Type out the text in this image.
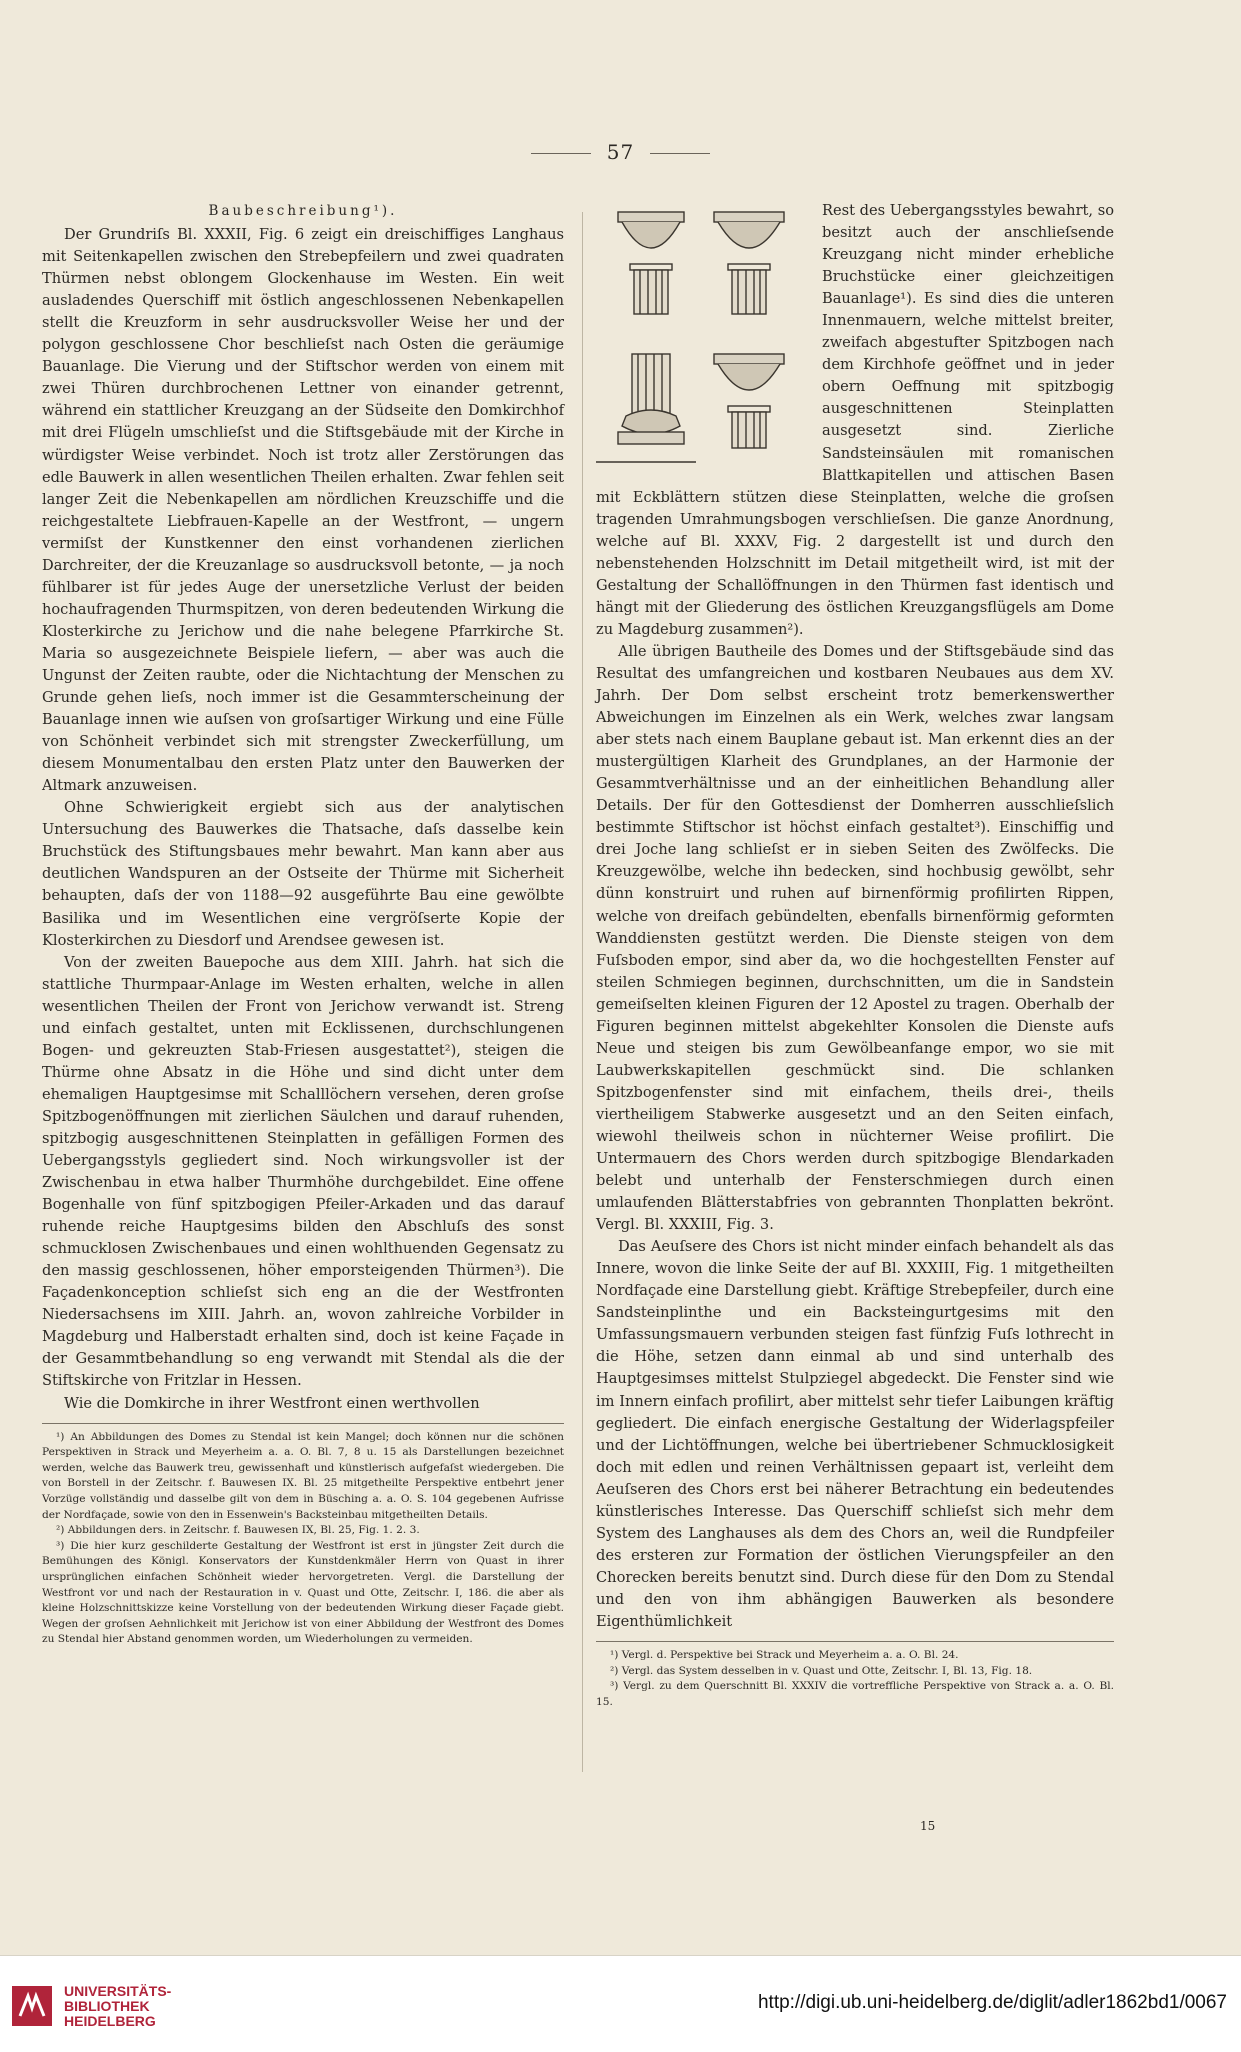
57
Baubeschreibung¹).

Der Grundriſs Bl. XXXII, Fig. 6 zeigt ein dreischiffiges Langhaus mit Seitenkapellen zwischen den Strebepfeilern und zwei quadraten Thürmen nebst oblongem Glockenhause im Westen. Ein weit ausladendes Querschiff mit östlich angeschlossenen Nebenkapellen stellt die Kreuzform in sehr ausdrucksvoller Weise her und der polygon geschlossene Chor beschlieſst nach Osten die geräumige Bauanlage. Die Vierung und der Stiftschor werden von einem mit zwei Thüren durchbrochenen Lettner von einander getrennt, während ein stattlicher Kreuzgang an der Südseite den Domkirchhof mit drei Flügeln umschlieſst und die Stiftsgebäude mit der Kirche in würdigster Weise verbindet. Noch ist trotz aller Zerstörungen das edle Bauwerk in allen wesentlichen Theilen erhalten. Zwar fehlen seit langer Zeit die Nebenkapellen am nördlichen Kreuzschiffe und die reichgestaltete Liebfrauen-Kapelle an der Westfront, — ungern vermiſst der Kunstkenner den einst vorhandenen zierlichen Darchreiter, der die Kreuzanlage so ausdrucksvoll betonte, — ja noch fühlbarer ist für jedes Auge der unersetzliche Verlust der beiden hochaufragenden Thurmspitzen, von deren bedeutenden Wirkung die Klosterkirche zu Jerichow und die nahe belegene Pfarrkirche St. Maria so ausgezeichnete Beispiele liefern, — aber was auch die Ungunst der Zeiten raubte, oder die Nichtachtung der Menschen zu Grunde gehen lieſs, noch immer ist die Gesammterscheinung der Bauanlage innen wie auſsen von groſsartiger Wirkung und eine Fülle von Schönheit verbindet sich mit strengster Zweckerfüllung, um diesem Monumentalbau den ersten Platz unter den Bauwerken der Altmark anzuweisen.

Ohne Schwierigkeit ergiebt sich aus der analytischen Untersuchung des Bauwerkes die Thatsache, daſs dasselbe kein Bruchstück des Stiftungsbaues mehr bewahrt. Man kann aber aus deutlichen Wandspuren an der Ostseite der Thürme mit Sicherheit behaupten, daſs der von 1188—92 ausgeführte Bau eine gewölbte Basilika und im Wesentlichen eine vergröſserte Kopie der Klosterkirchen zu Diesdorf und Arendsee gewesen ist.

Von der zweiten Bauepoche aus dem XIII. Jahrh. hat sich die stattliche Thurmpaar-Anlage im Westen erhalten, welche in allen wesentlichen Theilen der Front von Jerichow verwandt ist. Streng und einfach gestaltet, unten mit Ecklissenen, durchschlungenen Bogen- und gekreuzten Stab-Friesen ausgestattet²), steigen die Thürme ohne Absatz in die Höhe und sind dicht unter dem ehemaligen Hauptgesimse mit Schalllöchern versehen, deren groſse Spitzbogenöffnungen mit zierlichen Säulchen und darauf ruhenden, spitzbogig ausgeschnittenen Steinplatten in gefälligen Formen des Uebergangsstyls gegliedert sind. Noch wirkungsvoller ist der Zwischenbau in etwa halber Thurmhöhe durchgebildet. Eine offene Bogenhalle von fünf spitzbogigen Pfeiler-Arkaden und das darauf ruhende reiche Hauptgesims bilden den Abschluſs des sonst schmucklosen Zwischenbaues und einen wohlthuenden Gegensatz zu den massig geschlossenen, höher emporsteigenden Thürmen³). Die Façadenkonception schlieſst sich eng an die der Westfronten Niedersachsens im XIII. Jahrh. an, wovon zahlreiche Vorbilder in Magdeburg und Halberstadt erhalten sind, doch ist keine Façade in der Gesammtbehandlung so eng verwandt mit Stendal als die der Stiftskirche von Fritzlar in Hessen.

Wie die Domkirche in ihrer Westfront einen werthvollen

¹) An Abbildungen des Domes zu Stendal ist kein Mangel; doch können nur die schönen Perspektiven in Strack und Meyerheim a. a. O. Bl. 7, 8 u. 15 als Darstellungen bezeichnet werden, welche das Bauwerk treu, gewissenhaft und künstlerisch aufgefaſst wiedergeben. Die von Borstell in der Zeitschr. f. Bauwesen IX. Bl. 25 mitgetheilte Perspektive entbehrt jener Vorzüge vollständig und dasselbe gilt von dem in Büsching a. a. O. S. 104 gegebenen Aufrisse der Nordfaçade, sowie von den in Essenwein's Backsteinbau mitgetheilten Details.

²) Abbildungen ders. in Zeitschr. f. Bauwesen IX, Bl. 25, Fig. 1. 2. 3.

³) Die hier kurz geschilderte Gestaltung der Westfront ist erst in jüngster Zeit durch die Bemühungen des Königl. Konservators der Kunstdenkmäler Herrn von Quast in ihrer ursprünglichen einfachen Schönheit wieder hervorgetreten. Vergl. die Darstellung der Westfront vor und nach der Restauration in v. Quast und Otte, Zeitschr. I, 186. die aber als kleine Holzschnittskizze keine Vorstellung von der bedeutenden Wirkung dieser Façade giebt. Wegen der groſsen Aehnlichkeit mit Jerichow ist von einer Abbildung der Westfront des Domes zu Stendal hier Abstand genommen worden, um Wiederholungen zu vermeiden.

Rest des Uebergangsstyles bewahrt, so besitzt auch der anschlieſsende Kreuzgang nicht minder erhebliche Bruchstücke einer gleichzeitigen Bauanlage¹). Es sind dies die unteren Innenmauern, welche mittelst breiter, zweifach abgestufter Spitzbogen nach dem Kirchhofe geöffnet und in jeder obern Oeffnung mit spitzbogig ausgeschnittenen Steinplatten ausgesetzt sind. Zierliche Sandsteinsäulen mit romanischen Blattkapitellen und attischen Basen mit Eckblättern stützen diese Steinplatten, welche die groſsen tragenden Umrahmungsbogen verschlieſsen. Die ganze Anordnung, welche auf Bl. XXXV, Fig. 2 dargestellt ist und durch den nebenstehenden Holzschnitt im Detail mitgetheilt wird, ist mit der Gestaltung der Schallöffnungen in den Thürmen fast identisch und hängt mit der Gliederung des östlichen Kreuzgangsflügels am Dome zu Magdeburg zusammen²).

Alle übrigen Bautheile des Domes und der Stiftsgebäude sind das Resultat des umfangreichen und kostbaren Neubaues aus dem XV. Jahrh. Der Dom selbst erscheint trotz bemerkenswerther Abweichungen im Einzelnen als ein Werk, welches zwar langsam aber stets nach einem Bauplane gebaut ist. Man erkennt dies an der mustergültigen Klarheit des Grundplanes, an der Harmonie der Gesammtverhältnisse und an der einheitlichen Behandlung aller Details. Der für den Gottesdienst der Domherren ausschlieſslich bestimmte Stiftschor ist höchst einfach gestaltet³). Einschiffig und drei Joche lang schlieſst er in sieben Seiten des Zwölfecks. Die Kreuzgewölbe, welche ihn bedecken, sind hochbusig gewölbt, sehr dünn konstruirt und ruhen auf birnenförmig profilirten Rippen, welche von dreifach gebündelten, ebenfalls birnenförmig geformten Wanddiensten gestützt werden. Die Dienste steigen von dem Fuſsboden empor, sind aber da, wo die hochgestellten Fenster auf steilen Schmiegen beginnen, durchschnitten, um die in Sandstein gemeiſselten kleinen Figuren der 12 Apostel zu tragen. Oberhalb der Figuren beginnen mittelst abgekehlter Konsolen die Dienste aufs Neue und steigen bis zum Gewölbeanfange empor, wo sie mit Laubwerkskapitellen geschmückt sind. Die schlanken Spitzbogenfenster sind mit einfachem, theils drei-, theils viertheiligem Stabwerke ausgesetzt und an den Seiten einfach, wiewohl theilweis schon in nüchterner Weise profilirt. Die Untermauern des Chors werden durch spitzbogige Blendarkaden belebt und unterhalb der Fensterschmiegen durch einen umlaufenden Blätterstabfries von gebrannten Thonplatten bekrönt. Vergl. Bl. XXXIII, Fig. 3.

Das Aeuſsere des Chors ist nicht minder einfach behandelt als das Innere, wovon die linke Seite der auf Bl. XXXIII, Fig. 1 mitgetheilten Nordfaçade eine Darstellung giebt. Kräftige Strebepfeiler, durch eine Sandsteinplinthe und ein Backsteingurtgesims mit den Umfassungsmauern verbunden steigen fast fünfzig Fuſs lothrecht in die Höhe, setzen dann einmal ab und sind unterhalb des Hauptgesimses mittelst Stulpziegel abgedeckt. Die Fenster sind wie im Innern einfach profilirt, aber mittelst sehr tiefer Laibungen kräftig gegliedert. Die einfach energische Gestaltung der Widerlagspfeiler und der Lichtöffnungen, welche bei übertriebener Schmucklosigkeit doch mit edlen und reinen Verhältnissen gepaart ist, verleiht dem Aeuſseren des Chors erst bei näherer Betrachtung ein bedeutendes künstlerisches Interesse. Das Querschiff schlieſst sich mehr dem System des Langhauses als dem des Chors an, weil die Rundpfeiler des ersteren zur Formation der östlichen Vierungspfeiler an den Chorecken bereits benutzt sind. Durch diese für den Dom zu Stendal und den von ihm abhängigen Bauwerken als besondere Eigenthümlichkeit

¹) Vergl. d. Perspektive bei Strack und Meyerheim a. a. O. Bl. 24.

²) Vergl. das System desselben in v. Quast und Otte, Zeitschr. I, Bl. 13, Fig. 18.

³) Vergl. zu dem Querschnitt Bl. XXXIV die vortreffliche Perspektive von Strack a. a. O. Bl. 15.

15
UNIVERSITÄTS-
BIBLIOTHEK
HEIDELBERG
http://digi.ub.uni-heidelberg.de/diglit/adler1862bd1/0067
